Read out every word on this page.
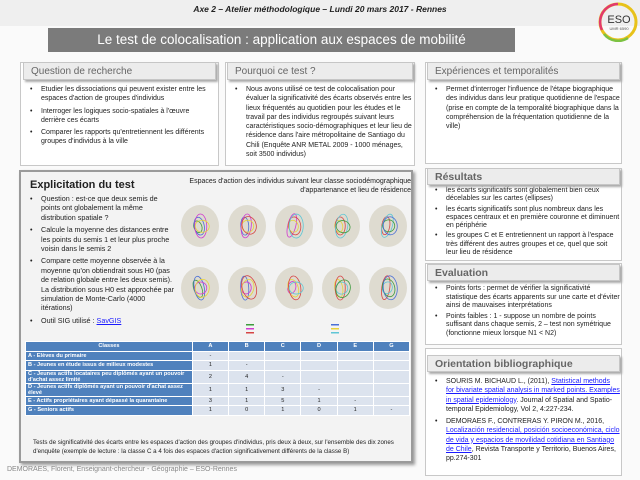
Axe 2 – Atelier méthodologique – Lundi 20 mars 2017 - Rennes
ESO
UMR 6590
Le test de colocalisation : application aux espaces de mobilité
• Etudier les dissociations qui peuvent exister entre les espaces d'action de groupes d'individus
• Interroger les logiques socio-spatiales à l'œuvre derrière ces écarts
• Comparer les rapports qu'entretiennent les différents groupes d'individus à la ville
Question de recherche
• Nous avons utilisé ce test de colocalisation pour évaluer la significativité des écarts observés entre les lieux fréquentés au quotidien pour les études et le travail par des individus regroupés suivant leurs caractéristiques socio-démographiques et leur lieu de résidence dans l'aire métropolitaine de Santiago du Chili (Enquête ANR METAL 2009 - 1000 ménages, soit 3500 individus)
Pourquoi ce test ?
• Permet d'interroger l'influence de l'étape biographique des individus dans leur pratique quotidienne de l'espace (prise en compte de la temporalité biographique dans la compréhension de la fréquentation quotidienne de la ville)
Expériences et temporalités
• les écarts significatifs sont globalement bien ceux décelables sur les cartes (ellipses)
• les écarts significatifs sont plus nombreux dans les espaces centraux et en première couronne et diminuent en périphérie
• les groupes C et E entretiennent un rapport à l'espace très différent des autres groupes et ce, quel que soit leur lieu de résidence
Résultats
• Points forts : permet de vérifier la significativité statistique des écarts apparents sur une carte et d'éviter ainsi de mauvaises interprétations
• Points faibles : 1 - suppose un nombre de points suffisant dans chaque semis, 2 – test non symétrique (fonctionne mieux lorsque N1 < N2)
Evaluation
• SOURIS M. BICHAUD L., (2011), Statistical methods for bivariate spatial analysis in marked points. Examples in spatial epidemiology. Journal of Spatial and Spatio-temporal Epidemiology, Vol 2, 4:227-234.
• DEMORAES F., CONTRERAS Y. PIRON M., 2016, Localización residencial, posición socioeconómica, ciclo de vida y espacios de movilidad cotidiana en Santiago de Chile, Revista Transporte y Territorio, Buenos Aires, pp.274-301
Orientation bibliographique
Explicitation du test
• Question : est-ce que deux semis de points ont globalement la même distribution spatiale ?
• Calcule la moyenne des distances entre les points du semis 1 et leur plus proche voisin dans le semis 2
• Compare cette moyenne observée à la moyenne qu'on obtiendrait sous H0 (pas de relation globale entre les deux semis). La distribution sous H0 est approchée par simulation de Monte-Carlo (4000 itérations)
• Outil SIG utilisé : SavGIS
Espaces d'action des individus suivant leur classe sociodémographique d'appartenance et lieu de résidence
Classes	A	B	C	D	E	G
A - Elèves du primaire	-					
B - Jeunes en étude issus de milieux modestes	1	-				
C - Jeunes actifs locataires peu diplômés ayant un pouvoir d'achat assez limité	2	4	-			
D - Jeunes actifs diplômés ayant un pouvoir d'achat assez élevé	1	1	3	-		
E - Actifs propriétaires ayant dépassé la quarantaine	3	1	5	1	-	
G - Seniors actifs	1	0	1	0	1	-
Tests de significativité des écarts entre les espaces d'action des groupes d'individus, pris deux à deux, sur l'ensemble des dix zones d'enquête (exemple de lecture : la classe C a 4 fois des espaces d'action significativement différents de la classe B)
DEMORAES, Florent, Enseignant-chercheur - Géographie – ESO-Rennes
